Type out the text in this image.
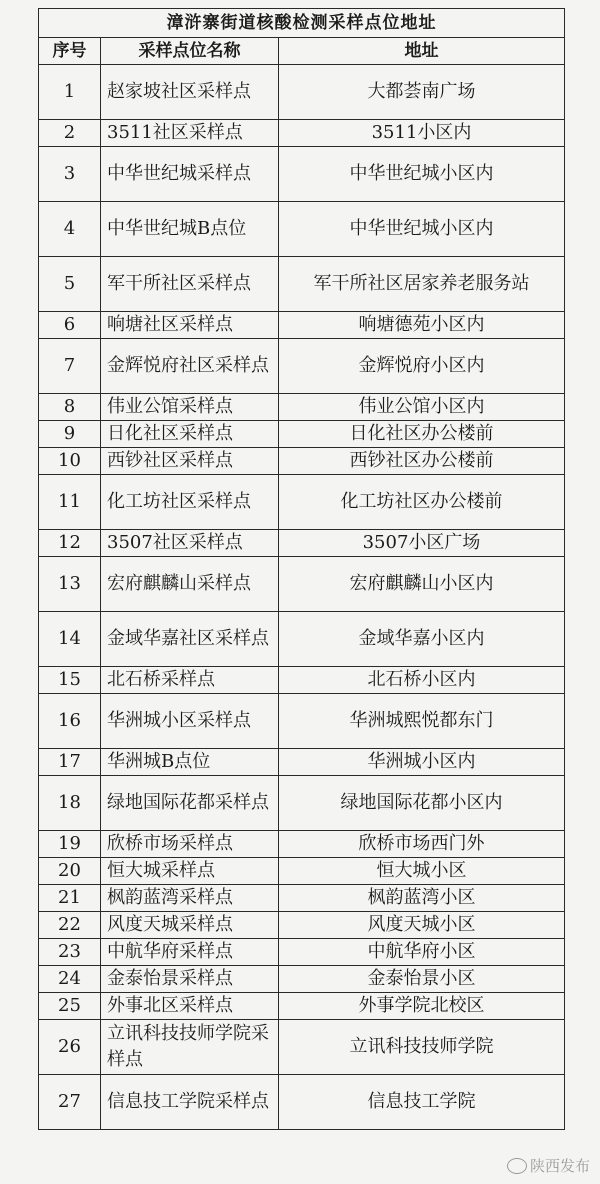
漳浒寨街道核酸检测采样点位地址		
序号	采样点位名称	地址
1	赵家坡社区采样点	大都荟南广场
2	3511社区采样点	3511小区内
3	中华世纪城采样点	中华世纪城小区内
4	中华世纪城B点位	中华世纪城小区内
5	军干所社区采样点	军干所社区居家养老服务站
6	响塘社区采样点	响塘德苑小区内
7	金辉悦府社区采样点	金辉悦府小区内
8	伟业公馆采样点	伟业公馆小区内
9	日化社区采样点	日化社区办公楼前
10	西钞社区采样点	西钞社区办公楼前
11	化工坊社区采样点	化工坊社区办公楼前
12	3507社区采样点	3507小区广场
13	宏府麒麟山采样点	宏府麒麟山小区内
14	金域华嘉社区采样点	金域华嘉小区内
15	北石桥采样点	北石桥小区内
16	华洲城小区采样点	华洲城熙悦都东门
17	华洲城B点位	华洲城小区内
18	绿地国际花都采样点	绿地国际花都小区内
19	欣桥市场采样点	欣桥市场西门外
20	恒大城采样点	恒大城小区
21	枫韵蓝湾采样点	枫韵蓝湾小区
22	风度天城采样点	风度天城小区
23	中航华府采样点	中航华府小区
24	金泰怡景采样点	金泰怡景小区
25	外事北区采样点	外事学院北校区
26	立讯科技技师学院采样点	立讯科技技师学院
27	信息技工学院采样点	信息技工学院
陕西发布
